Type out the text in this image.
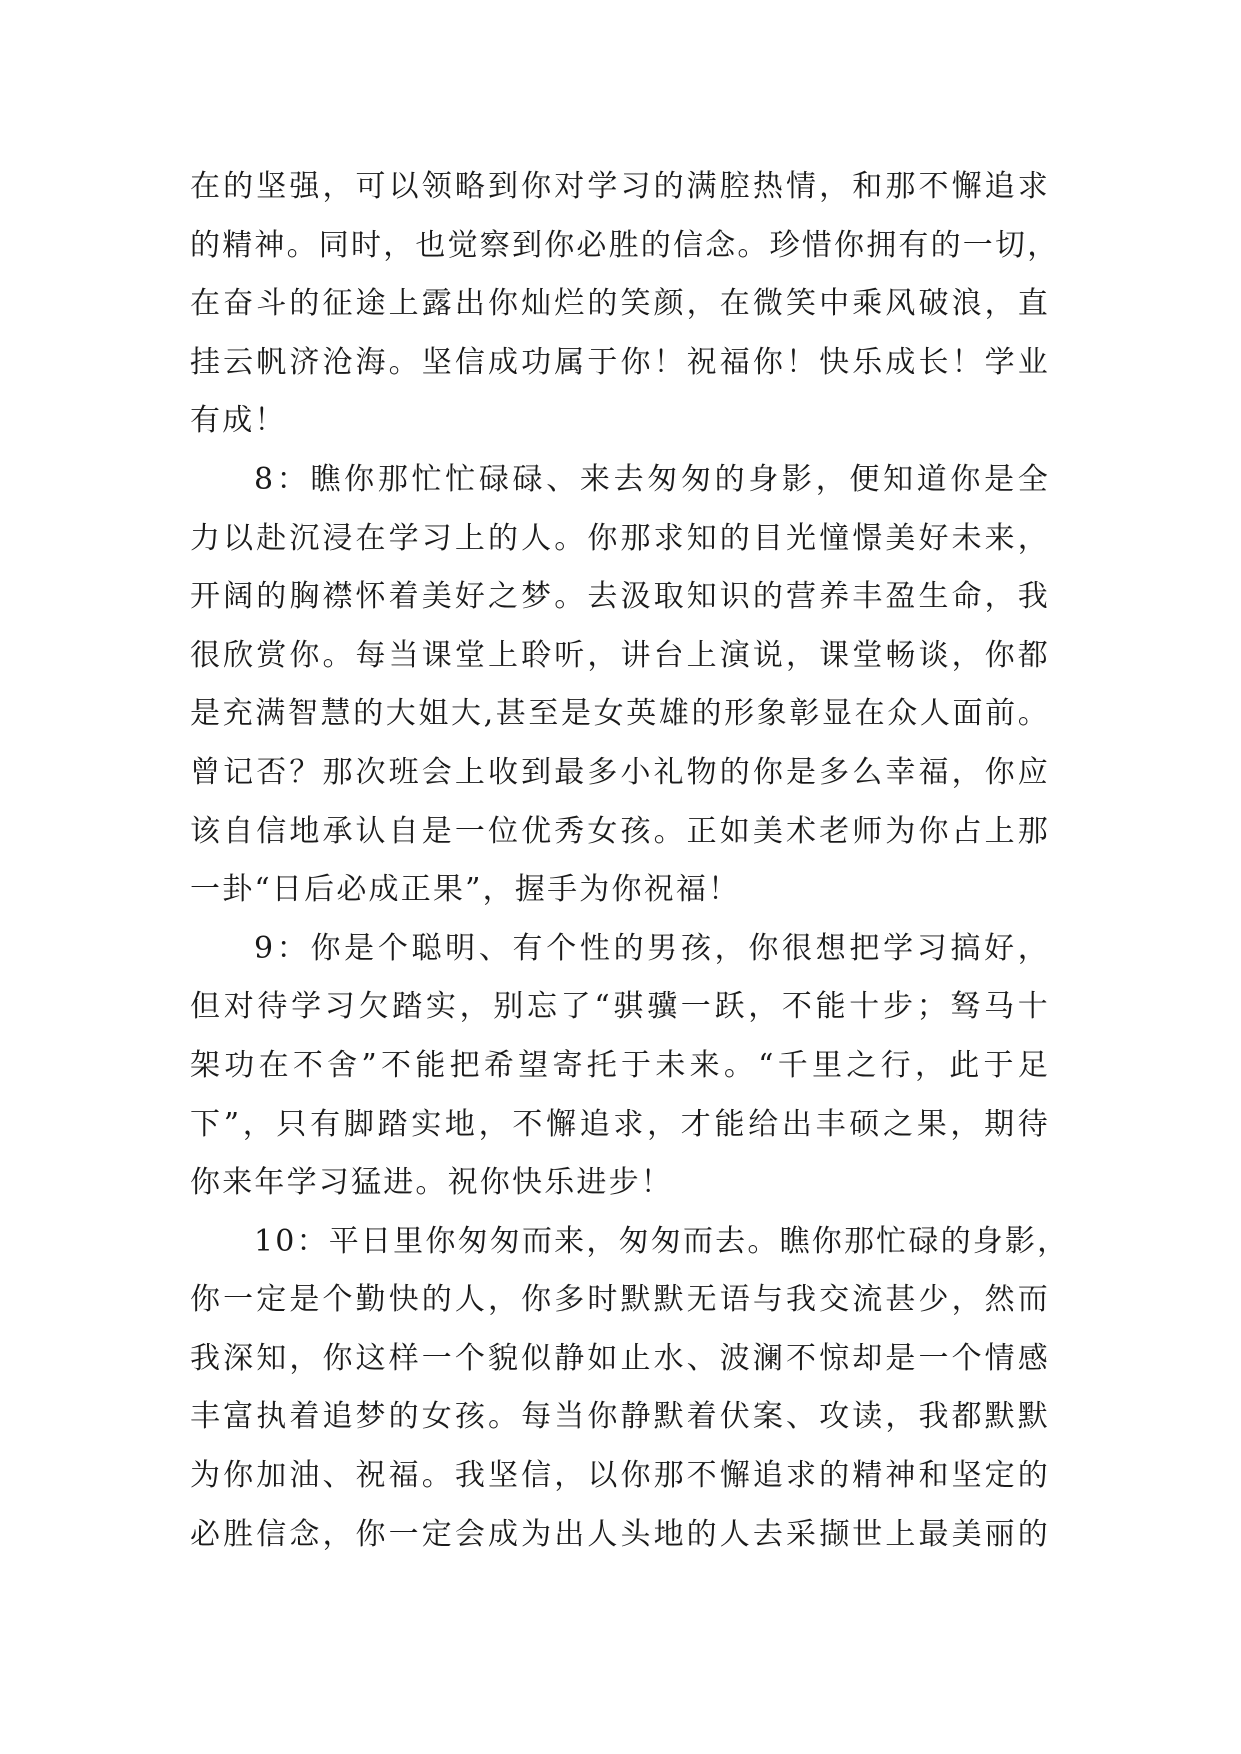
在的坚强，可以领略到你对学习的满腔热情，和那不懈追求
的精神。同时，也觉察到你必胜的信念。珍惜你拥有的一切，
在奋斗的征途上露出你灿烂的笑颜，在微笑中乘风破浪，直
挂云帆济沧海。坚信成功属于你！祝福你！快乐成长！学业
有成！
8：瞧你那忙忙碌碌、来去匆匆的身影，便知道你是全
力以赴沉浸在学习上的人。你那求知的目光憧憬美好未来，
开阔的胸襟怀着美好之梦。去汲取知识的营养丰盈生命，我
很欣赏你。每当课堂上聆听，讲台上演说，课堂畅谈，你都
是充满智慧的大姐大,甚至是女英雄的形象彰显在众人面前。
曾记否？那次班会上收到最多小礼物的你是多么幸福，你应
该自信地承认自是一位优秀女孩。正如美术老师为你占上那
一卦“日后必成正果”，握手为你祝福！
9：你是个聪明、有个性的男孩，你很想把学习搞好，
但对待学习欠踏实，别忘了“骐骥一跃，不能十步；驽马十
架功在不舍”不能把希望寄托于未来。“千里之行，此于足
下”，只有脚踏实地，不懈追求，才能给出丰硕之果，期待
你来年学习猛进。祝你快乐进步！
10：平日里你匆匆而来，匆匆而去。瞧你那忙碌的身影，
你一定是个勤快的人，你多时默默无语与我交流甚少，然而
我深知，你这样一个貌似静如止水、波澜不惊却是一个情感
丰富执着追梦的女孩。每当你静默着伏案、攻读，我都默默
为你加油、祝福。我坚信，以你那不懈追求的精神和坚定的
必胜信念，你一定会成为出人头地的人去采撷世上最美丽的
